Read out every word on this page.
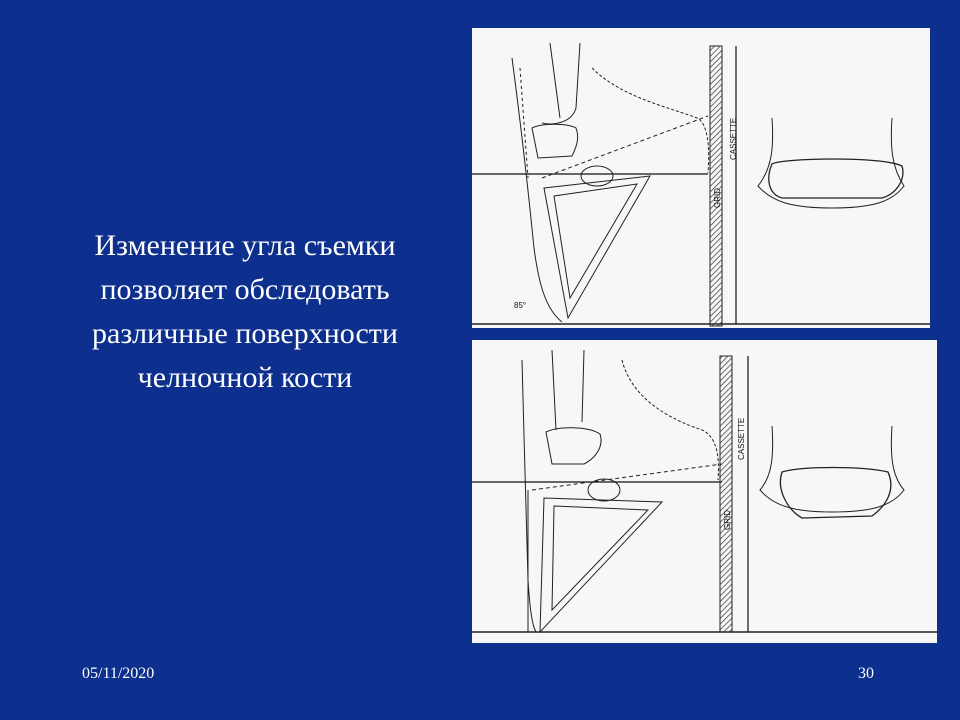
Изменение угла съемки
позволяет обследовать
различные поверхности
челночной кости
CASSETTE
GRID
85°
CASSETTE
GRID
05/11/2020	30
